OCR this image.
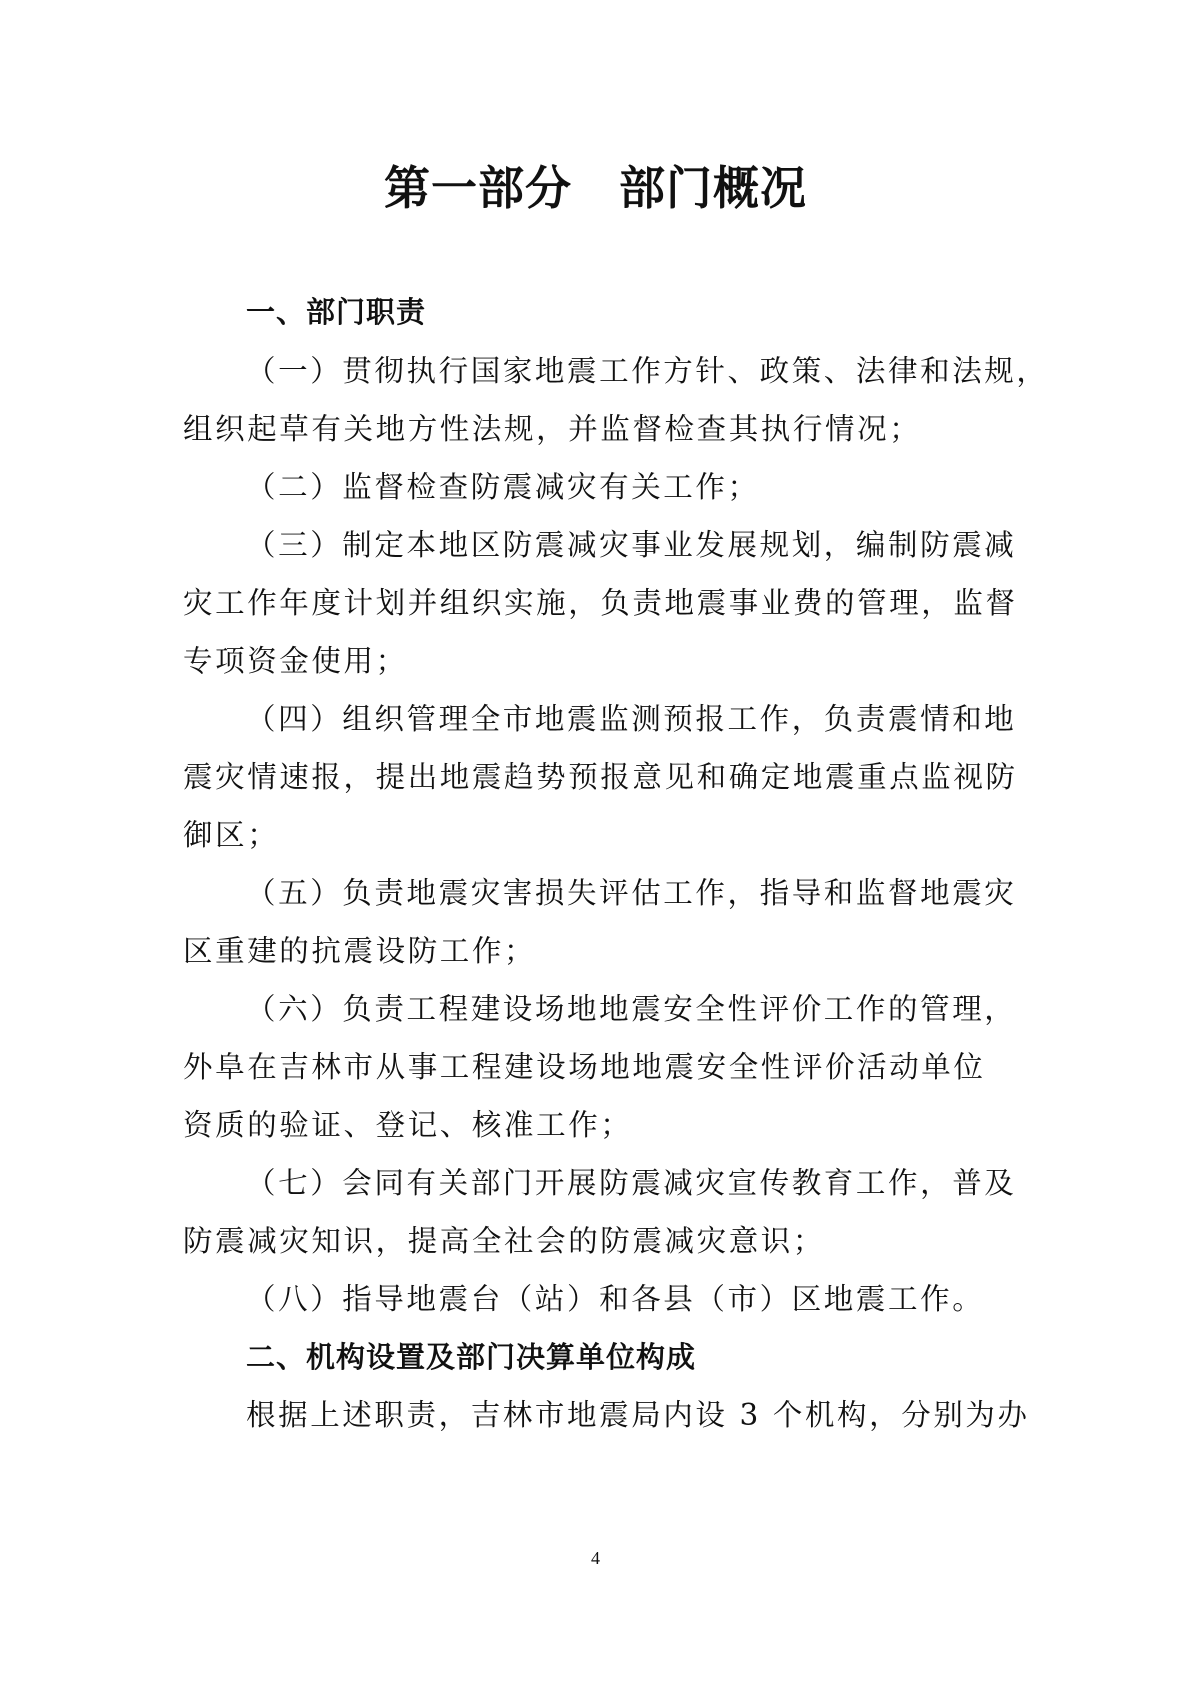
第一部分　部门概况
一、部门职责
（一）贯彻执行国家地震工作方针、政策、法律和法规，
组织起草有关地方性法规，并监督检查其执行情况；
（二）监督检查防震减灾有关工作；
（三）制定本地区防震减灾事业发展规划，编制防震减
灾工作年度计划并组织实施，负责地震事业费的管理，监督
专项资金使用；
（四）组织管理全市地震监测预报工作，负责震情和地
震灾情速报，提出地震趋势预报意见和确定地震重点监视防
御区；
（五）负责地震灾害损失评估工作，指导和监督地震灾
区重建的抗震设防工作；
（六）负责工程建设场地地震安全性评价工作的管理，
外阜在吉林市从事工程建设场地地震安全性评价活动单位
资质的验证、登记、核准工作；
（七）会同有关部门开展防震减灾宣传教育工作，普及
防震减灾知识，提高全社会的防震减灾意识；
（八）指导地震台（站）和各县（市）区地震工作。
二、机构设置及部门决算单位构成
根据上述职责，吉林市地震局内设 3 个机构，分别为办
4
